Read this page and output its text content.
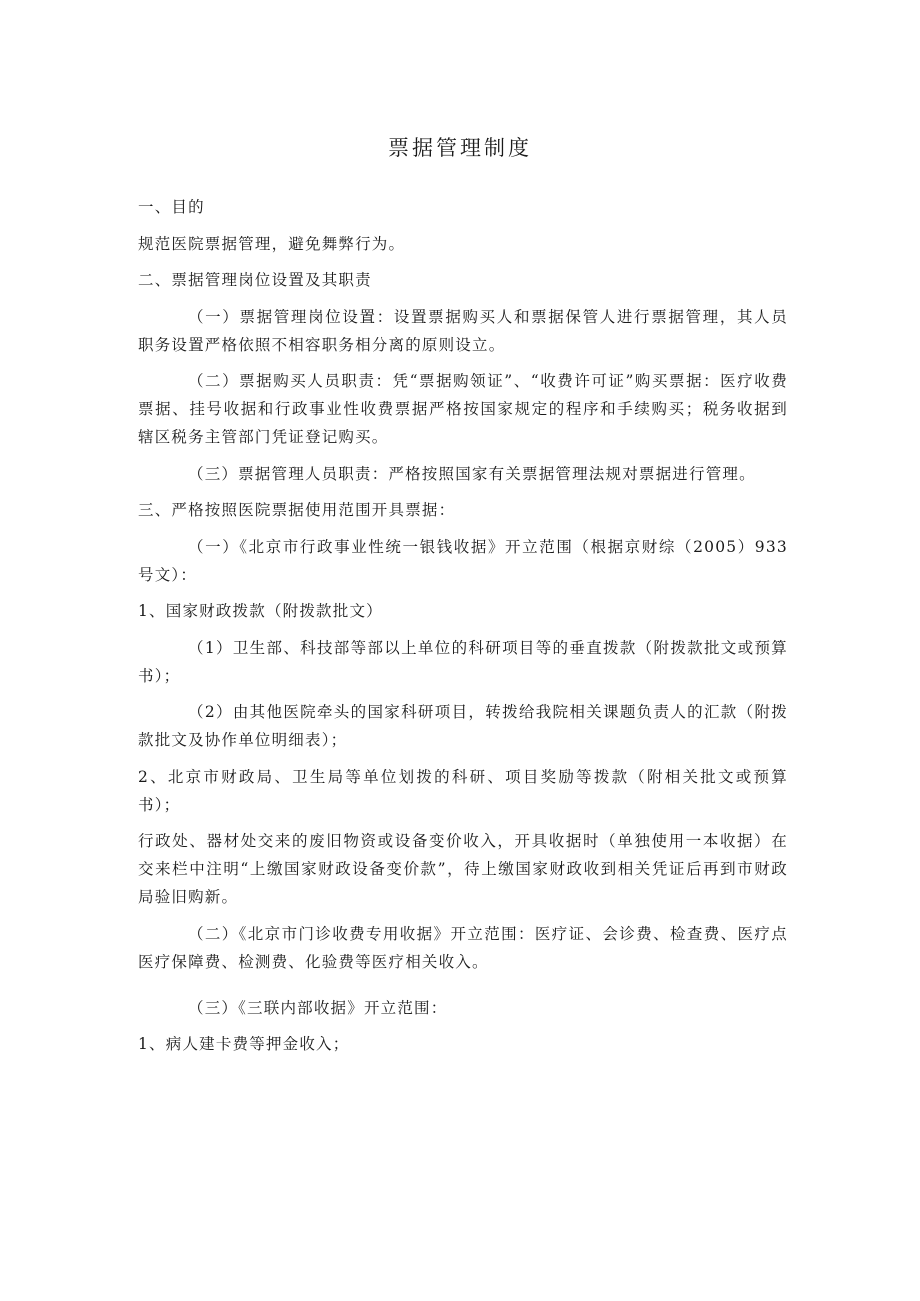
票据管理制度
一、目的
规范医院票据管理，避免舞弊行为。
二、票据管理岗位设置及其职责
（一）票据管理岗位设置：设置票据购买人和票据保管人进行票据管理，其人员职务设置严格依照不相容职务相分离的原则设立。
（二）票据购买人员职责：凭“票据购领证”、“收费许可证”购买票据：医疗收费票据、挂号收据和行政事业性收费票据严格按国家规定的程序和手续购买；税务收据到辖区税务主管部门凭证登记购买。
（三）票据管理人员职责：严格按照国家有关票据管理法规对票据进行管理。
三、严格按照医院票据使用范围开具票据：
（一）《北京市行政事业性统一银钱收据》开立范围（根据京财综（2005）933号文）：
1、国家财政拨款（附拨款批文）
（1）卫生部、科技部等部以上单位的科研项目等的垂直拨款（附拨款批文或预算书）；
（2）由其他医院牵头的国家科研项目，转拨给我院相关课题负责人的汇款（附拨款批文及协作单位明细表）；
2、北京市财政局、卫生局等单位划拨的科研、项目奖励等拨款（附相关批文或预算书）；
行政处、器材处交来的废旧物资或设备变价收入，开具收据时（单独使用一本收据）在交来栏中注明“上缴国家财政设备变价款”，待上缴国家财政收到相关凭证后再到市财政局验旧购新。
（二）《北京市门诊收费专用收据》开立范围：医疗证、会诊费、检查费、医疗点医疗保障费、检测费、化验费等医疗相关收入。
（三）《三联内部收据》开立范围：
1、病人建卡费等押金收入；
